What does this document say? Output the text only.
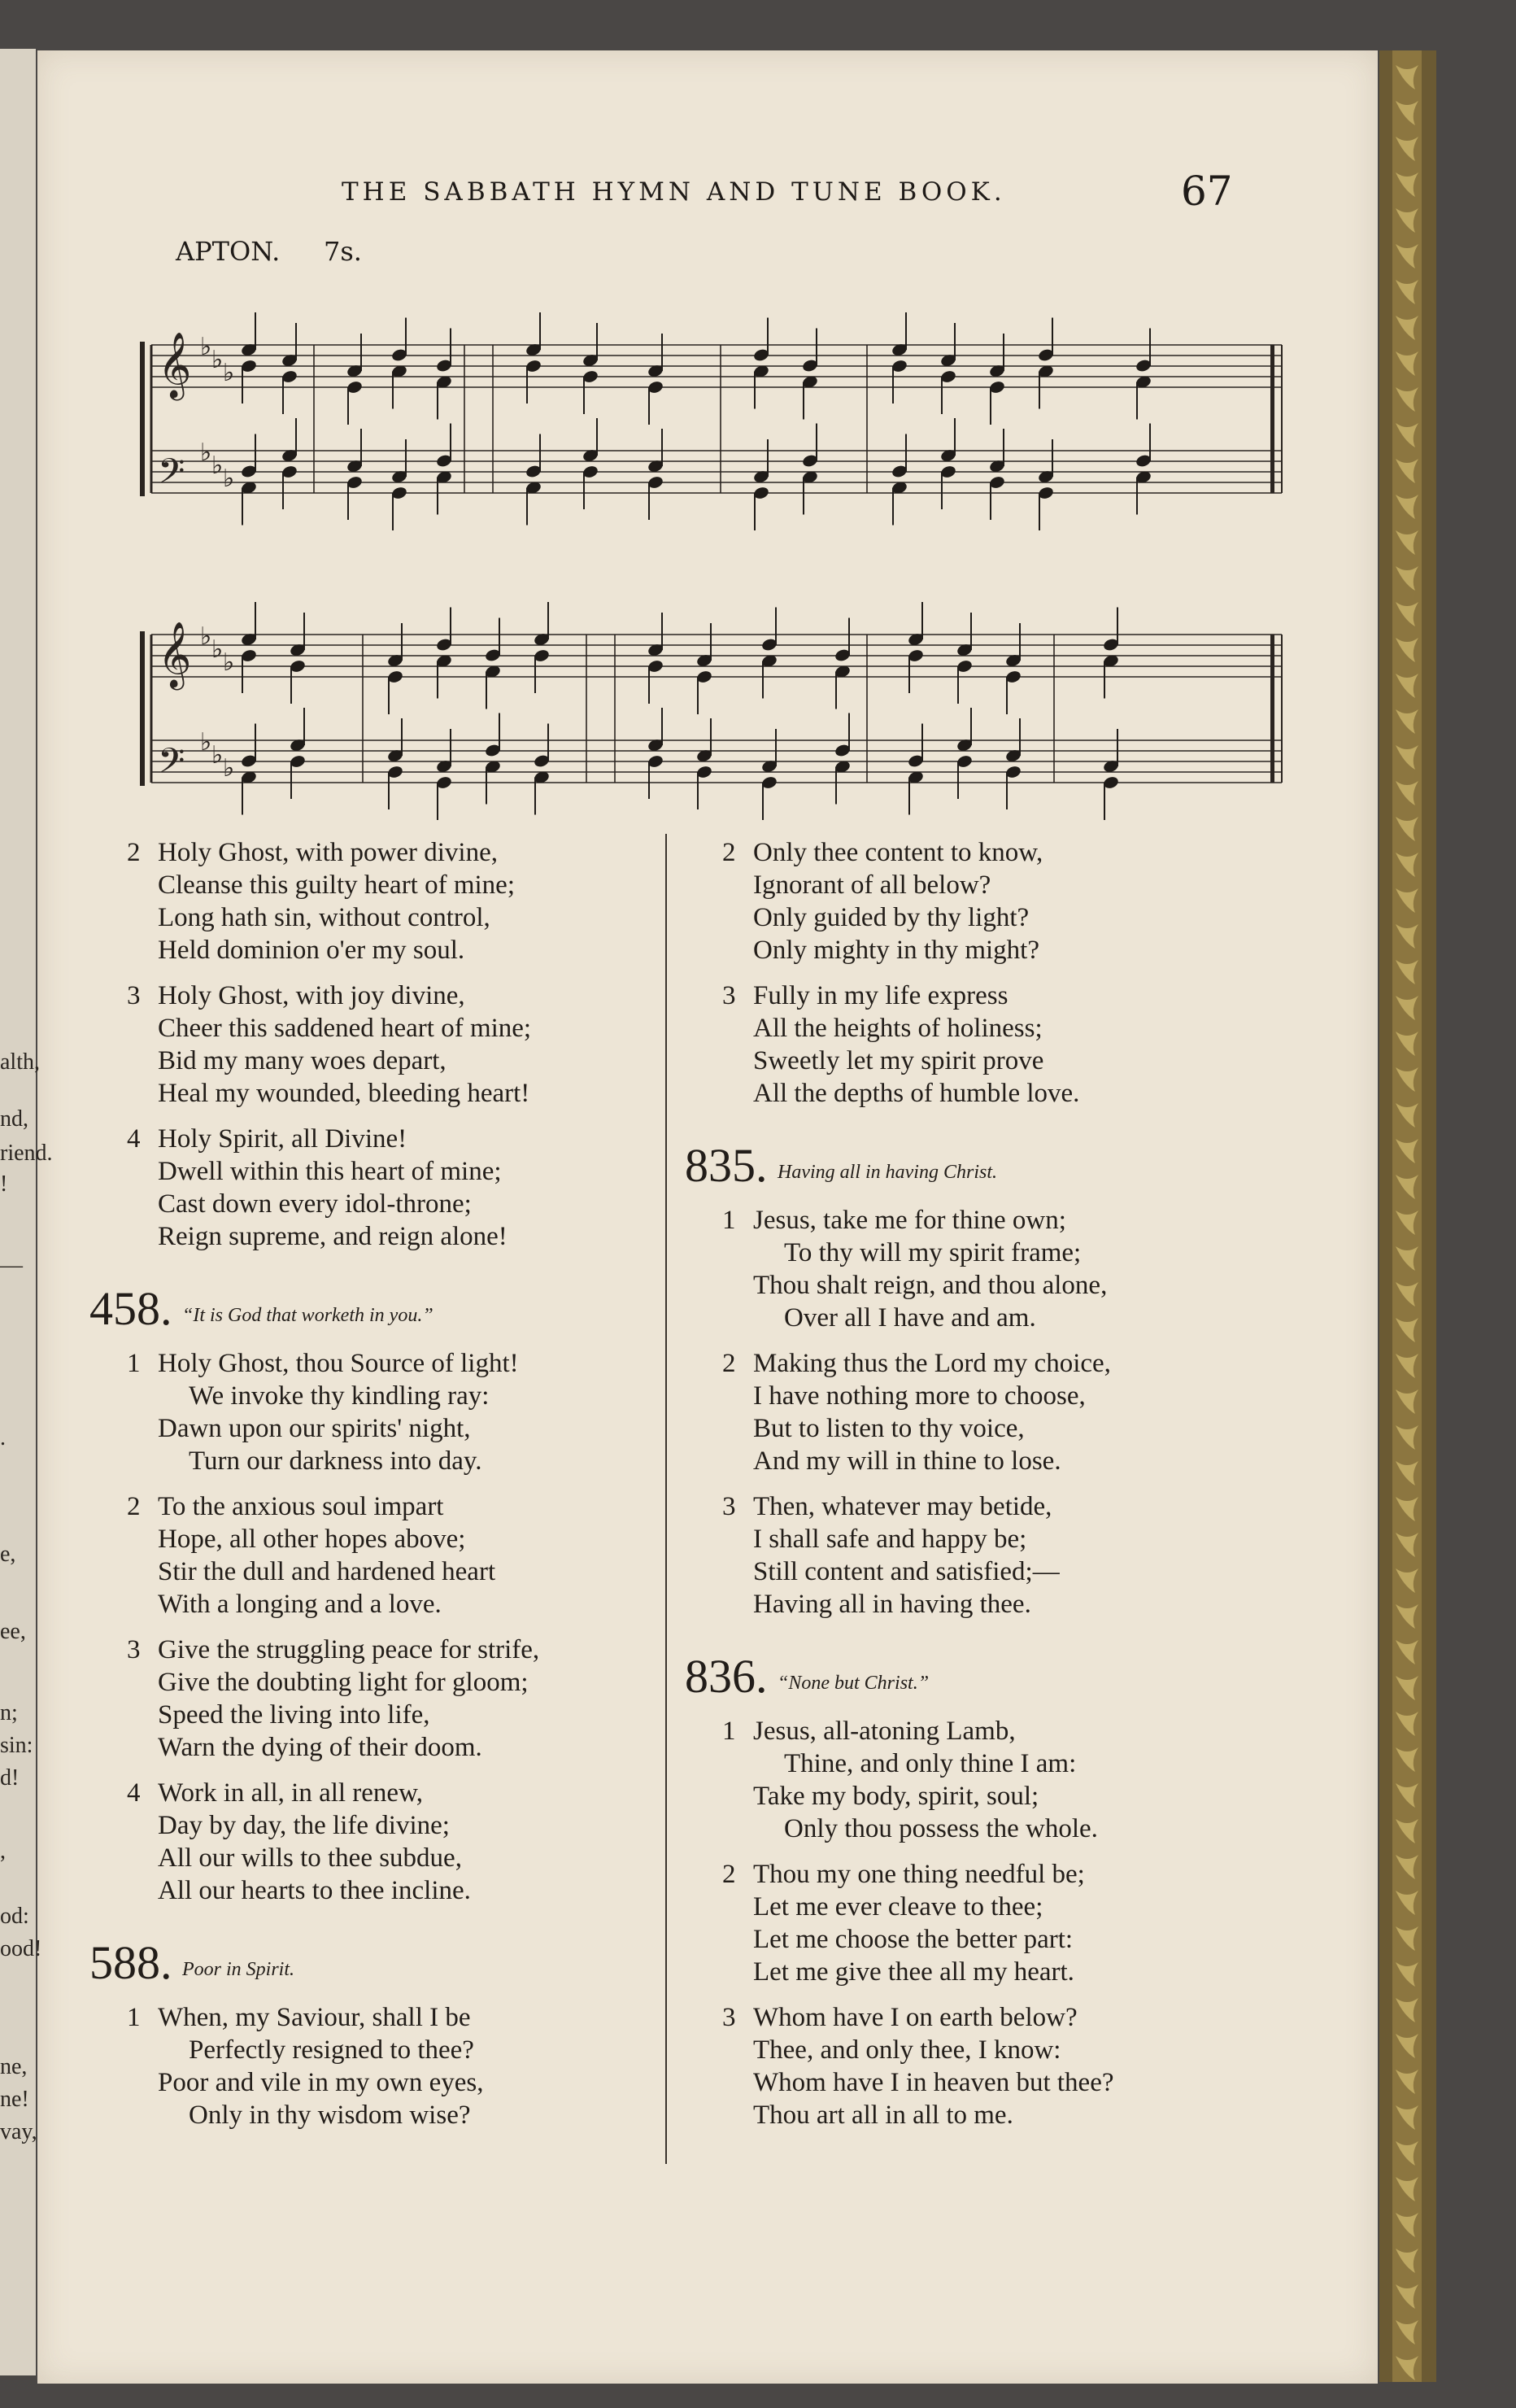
THE SABBATH HYMN AND TUNE BOOK.	67
APTON. 7s.
𝄞 ♭ ♭ ♭
𝄢 ♭ ♭ ♭
𝄞 ♭ ♭ ♭
𝄢 ♭ ♭ ♭
2 Holy Ghost, with power divine,
Cleanse this guilty heart of mine;
Long hath sin, without control,
Held dominion o'er my soul.
3 Holy Ghost, with joy divine,
Cheer this saddened heart of mine;
Bid my many woes depart,
Heal my wounded, bleeding heart!
4 Holy Spirit, all Divine!
Dwell within this heart of mine;
Cast down every idol-throne;
Reign supreme, and reign alone!
458. “It is God that worketh in you.”
1 Holy Ghost, thou Source of light!
We invoke thy kindling ray:
Dawn upon our spirits' night,
Turn our darkness into day.
2 To the anxious soul impart
Hope, all other hopes above;
Stir the dull and hardened heart
With a longing and a love.
3 Give the struggling peace for strife,
Give the doubting light for gloom;
Speed the living into life,
Warn the dying of their doom.
4 Work in all, in all renew,
Day by day, the life divine;
All our wills to thee subdue,
All our hearts to thee incline.
588. Poor in Spirit.
1 When, my Saviour, shall I be
Perfectly resigned to thee?
Poor and vile in my own eyes,
Only in thy wisdom wise?
2 Only thee content to know,
Ignorant of all below?
Only guided by thy light?
Only mighty in thy might?
3 Fully in my life express
All the heights of holiness;
Sweetly let my spirit prove
All the depths of humble love.
835. Having all in having Christ.
1 Jesus, take me for thine own;
To thy will my spirit frame;
Thou shalt reign, and thou alone,
Over all I have and am.
2 Making thus the Lord my choice,
I have nothing more to choose,
But to listen to thy voice,
And my will in thine to lose.
3 Then, whatever may betide,
I shall safe and happy be;
Still content and satisfied;—
Having all in having thee.
836. “None but Christ.”
1 Jesus, all-atoning Lamb,
Thine, and only thine I am:
Take my body, spirit, soul;
Only thou possess the whole.
2 Thou my one thing needful be;
Let me ever cleave to thee;
Let me choose the better part:
Let me give thee all my heart.
3 Whom have I on earth below?
Thee, and only thee, I know:
Whom have I in heaven but thee?
Thou art all in all to me.
alth,
nd,
riend.
!
—
.
e,
ee,
n;
sin:
d!
,
od:
ood!
ne,
ne!
vay,
